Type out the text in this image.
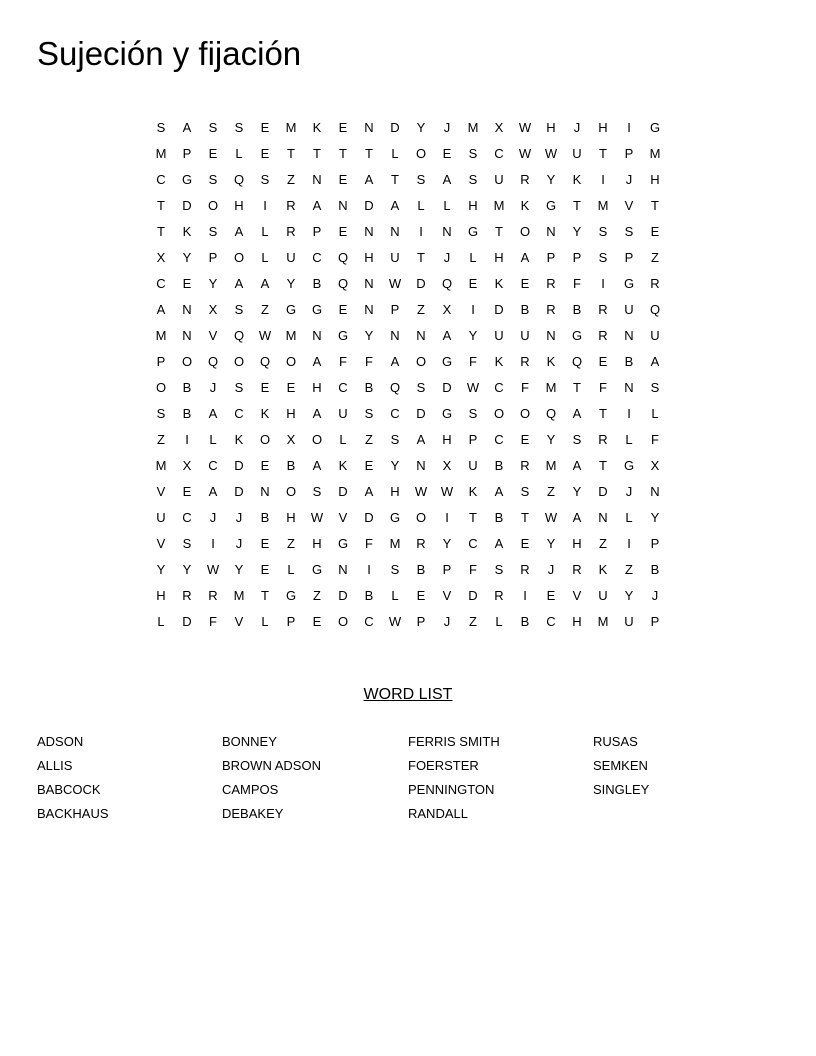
Sujeción y fijación
S A S S E M K E N D Y J M X W H J H I G
M P E L E T T T T L O E S C W W U T P M
C G S Q S Z N E A T S A S U R Y K I J H
T D O H I R A N D A L L H M K G T M V T
T K S A L R P E N N I N G T O N Y S S E
X Y P O L U C Q H U T J L H A P P S P Z
C E Y A A Y B Q N W D Q E K E R F I G R
A N X S Z G G E N P Z X I D B R B R U Q
M N V Q W M N G Y N N A Y U U N G R N U
P O Q O Q O A F F A O G F K R K Q E B A
O B J S E E H C B Q S D W C F M T F N S
S B A C K H A U S C D G S O O Q A T I L
Z I L K O X O L Z S A H P C E Y S R L F
M X C D E B A K E Y N X U B R M A T G X
V E A D N O S D A H W W K A S Z Y D J N
U C J J B H W V D G O I T B T W A N L Y
V S I J E Z H G F M R Y C A E Y H Z I P
Y Y W Y E L G N I S B P F S R J R K Z B
H R R M T G Z D B L E V D R I E V U Y J
L D F V L P E O C W P J Z L B C H M U P
WORD LIST
ADSON
ALLIS
BABCOCK
BACKHAUS
BONNEY
BROWN ADSON
CAMPOS
DEBAKEY
FERRIS SMITH
FOERSTER
PENNINGTON
RANDALL
RUSAS
SEMKEN
SINGLEY
